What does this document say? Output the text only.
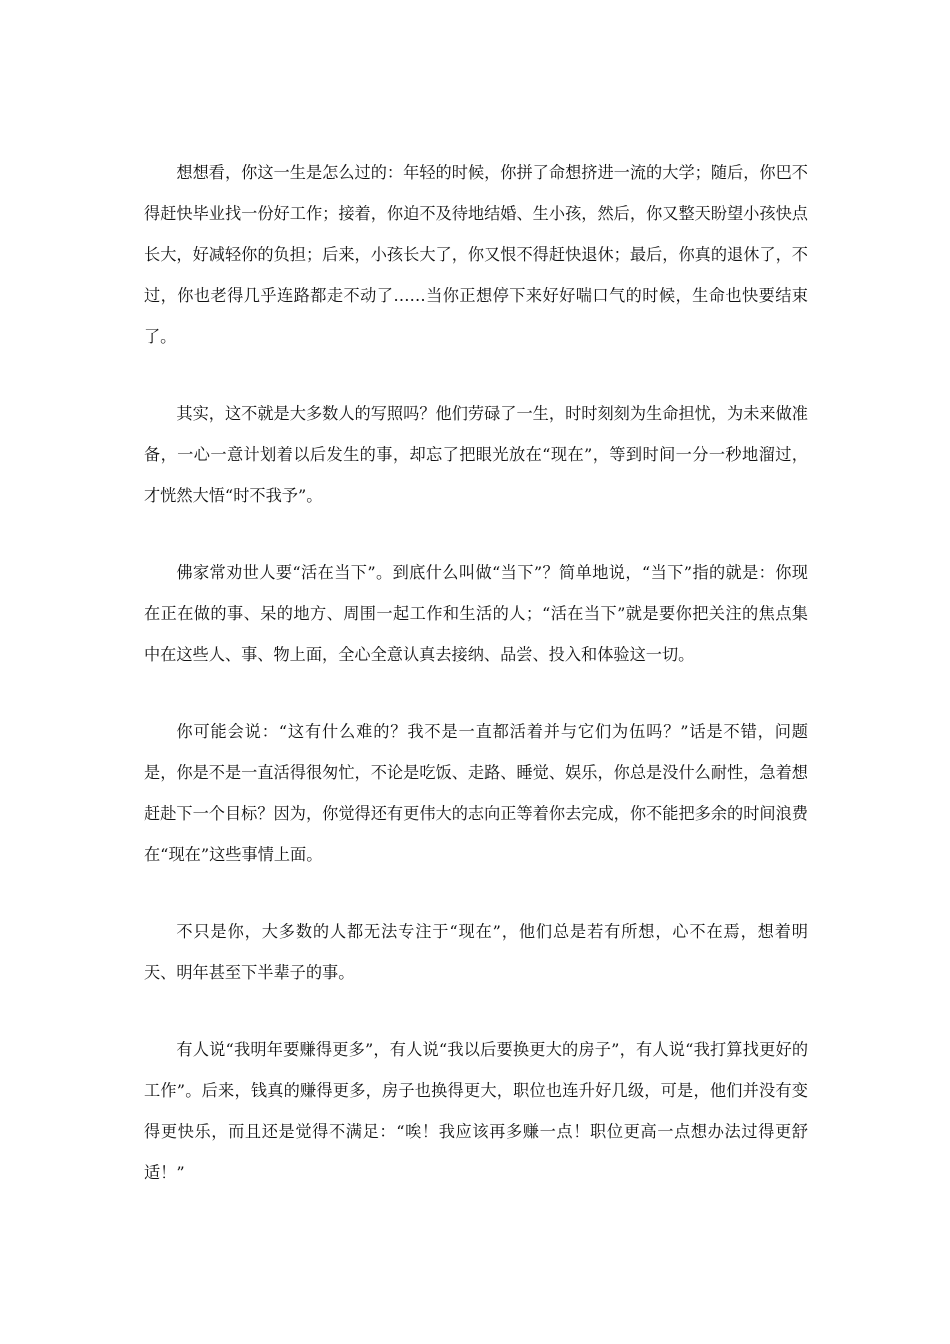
想想看，你这一生是怎么过的：年轻的时候，你拼了命想挤进一流的大学；随后，你巴不得赶快毕业找一份好工作；接着，你迫不及待地结婚、生小孩，然后，你又整天盼望小孩快点长大，好减轻你的负担；后来，小孩长大了，你又恨不得赶快退休；最后，你真的退休了，不过，你也老得几乎连路都走不动了……当你正想停下来好好喘口气的时候，生命也快要结束了。

其实，这不就是大多数人的写照吗？他们劳碌了一生，时时刻刻为生命担忧，为未来做准备，一心一意计划着以后发生的事，却忘了把眼光放在“现在”，等到时间一分一秒地溜过，才恍然大悟“时不我予”。

佛家常劝世人要“活在当下”。到底什么叫做“当下”？简单地说，“当下”指的就是：你现在正在做的事、呆的地方、周围一起工作和生活的人；“活在当下”就是要你把关注的焦点集中在这些人、事、物上面，全心全意认真去接纳、品尝、投入和体验这一切。

你可能会说：“这有什么难的？我不是一直都活着并与它们为伍吗？”话是不错，问题是，你是不是一直活得很匆忙，不论是吃饭、走路、睡觉、娱乐，你总是没什么耐性，急着想赶赴下一个目标？因为，你觉得还有更伟大的志向正等着你去完成，你不能把多余的时间浪费在“现在”这些事情上面。

不只是你，大多数的人都无法专注于“现在”，他们总是若有所想，心不在焉，想着明天、明年甚至下半辈子的事。

有人说“我明年要赚得更多”，有人说“我以后要换更大的房子”，有人说“我打算找更好的工作”。后来，钱真的赚得更多，房子也换得更大，职位也连升好几级，可是，他们并没有变得更快乐，而且还是觉得不满足：“唉！我应该再多赚一点！职位更高一点想办法过得更舒适！”
